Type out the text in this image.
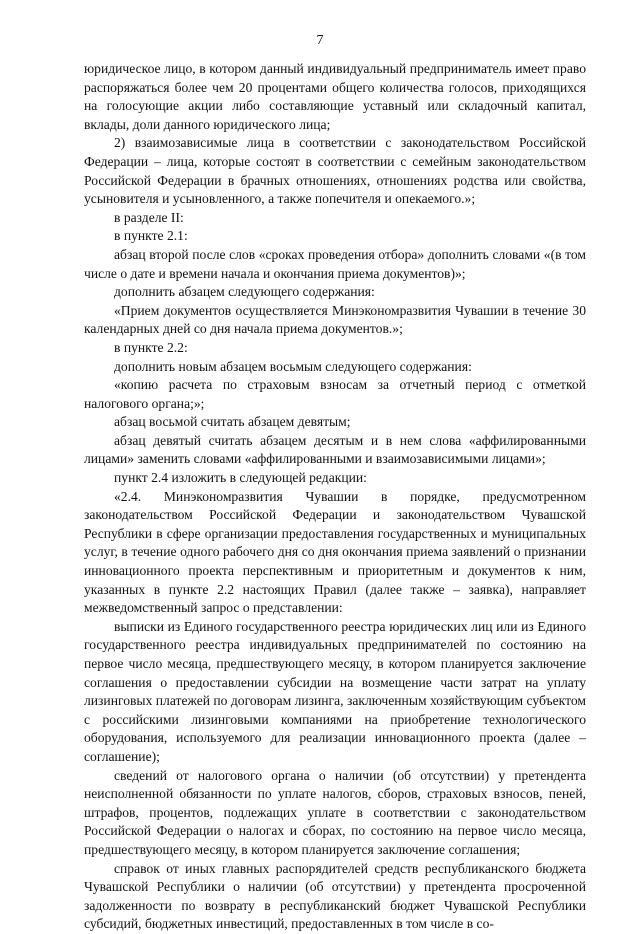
7

юридическое лицо, в котором данный индивидуальный предприниматель имеет право распоряжаться более чем 20 процентами общего количества голосов, приходящихся на голосующие акции либо составляющие уставный или складочный капитал, вклады, доли данного юридического лица;

2) взаимозависимые лица в соответствии с законодательством Российской Федерации – лица, которые состоят в соответствии с семейным законодательством Российской Федерации в брачных отношениях, отношениях родства или свойства, усыновителя и усыновленного, а также попечителя и опекаемого.»;

в разделе II:

в пункте 2.1:

абзац второй после слов «сроках проведения отбора» дополнить словами «(в том числе о дате и времени начала и окончания приема документов)»;

дополнить абзацем следующего содержания:

«Прием документов осуществляется Минэкономразвития Чувашии в течение 30 календарных дней со дня начала приема документов.»;

в пункте 2.2:

дополнить новым абзацем восьмым следующего содержания:

«копию расчета по страховым взносам за отчетный период с отметкой налогового органа;»;

абзац восьмой считать абзацем девятым;

абзац девятый считать абзацем десятым и в нем слова «аффилированными лицами» заменить словами «аффилированными и взаимозависимыми лицами»;

пункт 2.4 изложить в следующей редакции:

«2.4. Минэкономразвития Чувашии в порядке, предусмотренном законодательством Российской Федерации и законодательством Чувашской Республики в сфере организации предоставления государственных и муниципальных услуг, в течение одного рабочего дня со дня окончания приема заявлений о признании инновационного проекта перспективным и приоритетным и документов к ним, указанных в пункте 2.2 настоящих Правил (далее также – заявка), направляет межведомственный запрос о представлении:

выписки из Единого государственного реестра юридических лиц или из Единого государственного реестра индивидуальных предпринимателей по состоянию на первое число месяца, предшествующего месяцу, в котором планируется заключение соглашения о предоставлении субсидии на возмещение части затрат на уплату лизинговых платежей по договорам лизинга, заключенным хозяйствующим субъектом с российскими лизинговыми компаниями на приобретение технологического оборудования, используемого для реализации инновационного проекта (далее – соглашение);

сведений от налогового органа о наличии (об отсутствии) у претендента неисполненной обязанности по уплате налогов, сборов, страховых взносов, пеней, штрафов, процентов, подлежащих уплате в соответствии с законодательством Российской Федерации о налогах и сборах, по состоянию на первое число месяца, предшествующего месяцу, в котором планируется заключение соглашения;

справок от иных главных распорядителей средств республиканского бюджета Чувашской Республики о наличии (об отсутствии) у претендента просроченной задолженности по возврату в республиканский бюджет Чувашской Республики субсидий, бюджетных инвестиций, предоставленных в том числе в со-
